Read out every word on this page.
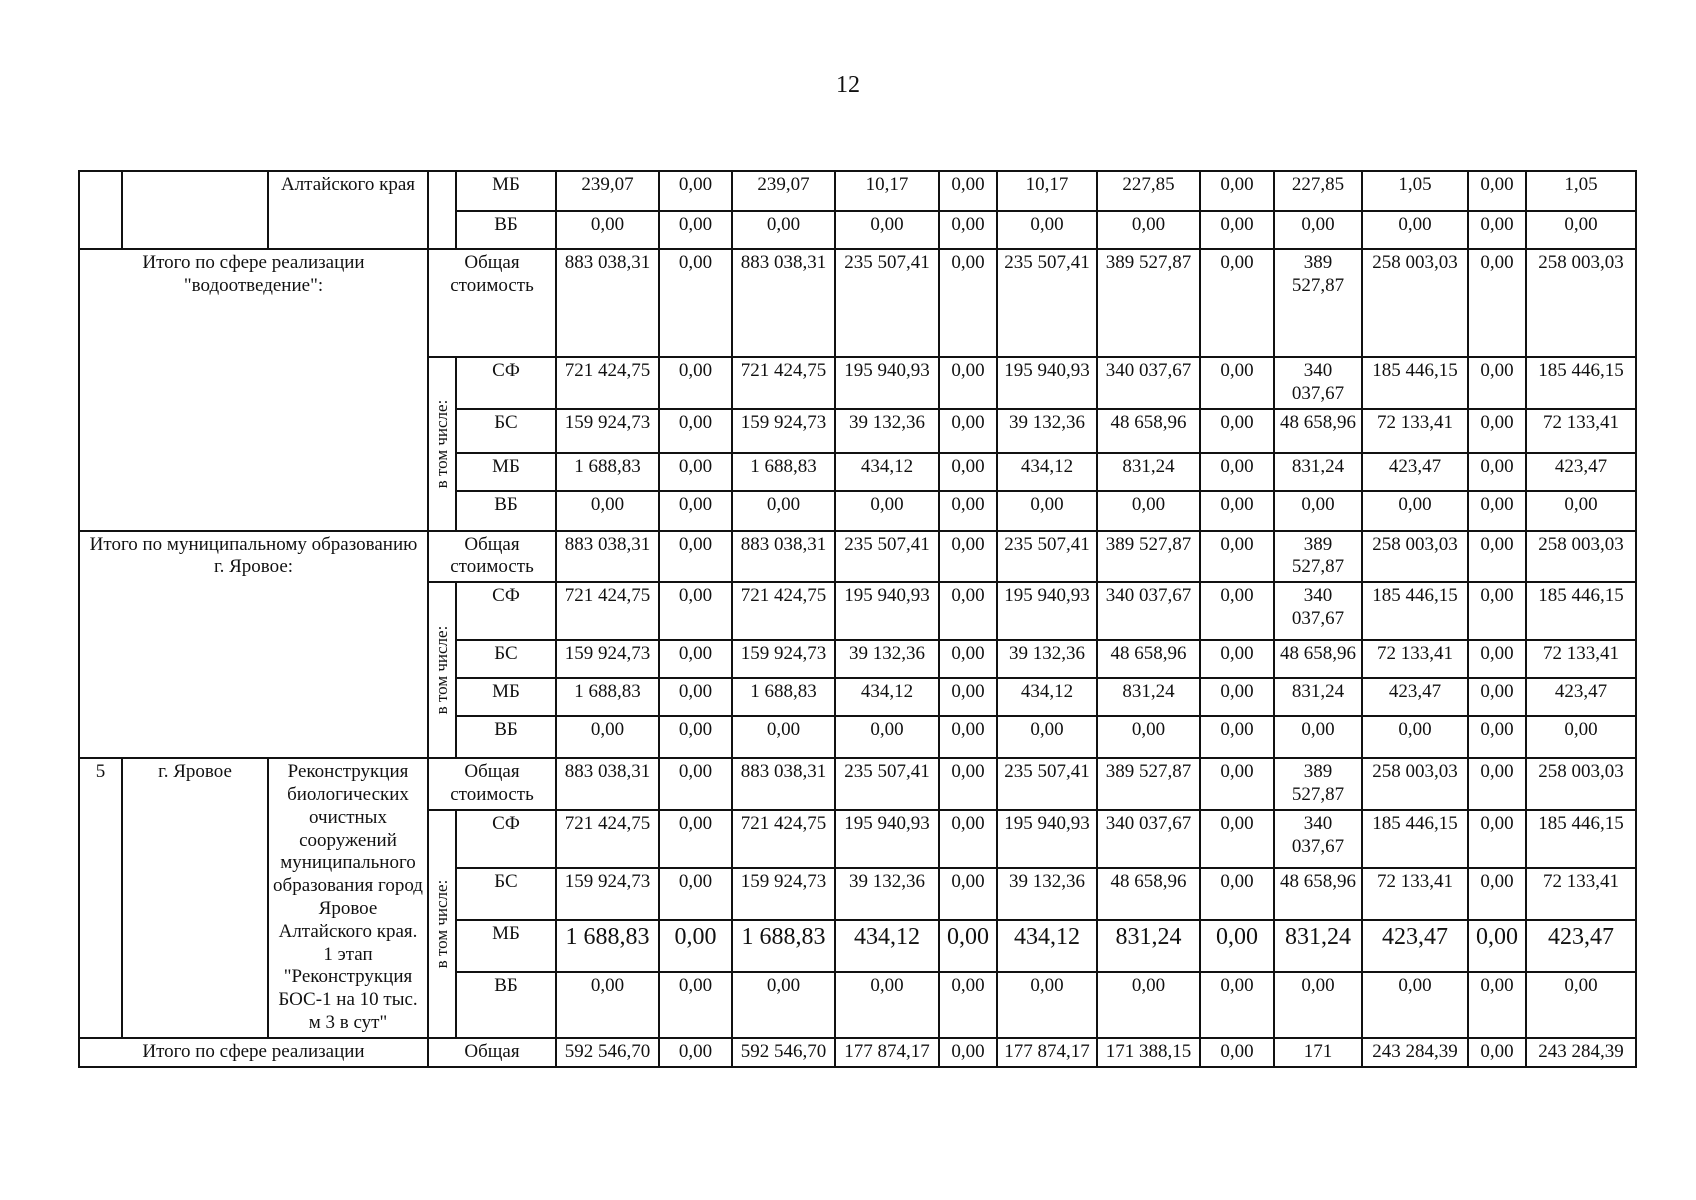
12
		Алтайского края		МБ	239,07	0,00	239,07	10,17	0,00	10,17	227,85	0,00	227,85	1,05	0,00	1,05
				ВБ	0,00	0,00	0,00	0,00	0,00	0,00	0,00	0,00	0,00	0,00	0,00	0,00
Итого по сфере реализации "водоотведение":			Общая стоимость		883 038,31	0,00	883 038,31	235 507,41	0,00	235 507,41	389 527,87	0,00	389 527,87	258 003,03	0,00	258 003,03

			в том числе:	СФ	721 424,75	0,00	721 424,75	195 940,93	0,00	195 940,93	340 037,67	0,00	340 037,67	185 446,15	0,00	185 446,15
				БС	159 924,73	0,00	159 924,73	39 132,36	0,00	39 132,36	48 658,96	0,00	48 658,96	72 133,41	0,00	72 133,41
				МБ	1 688,83	0,00	1 688,83	434,12	0,00	434,12	831,24	0,00	831,24	423,47	0,00	423,47
				ВБ	0,00	0,00	0,00	0,00	0,00	0,00	0,00	0,00	0,00	0,00	0,00	0,00
Итого по муниципальному образованию г. Яровое:			Общая стоимость		883 038,31	0,00	883 038,31	235 507,41	0,00	235 507,41	389 527,87	0,00	389 527,87	258 003,03	0,00	258 003,03

			в том числе:	СФ	721 424,75	0,00	721 424,75	195 940,93	0,00	195 940,93	340 037,67	0,00	340 037,67	185 446,15	0,00	185 446,15
				БС	159 924,73	0,00	159 924,73	39 132,36	0,00	39 132,36	48 658,96	0,00	48 658,96	72 133,41	0,00	72 133,41
				МБ	1 688,83	0,00	1 688,83	434,12	0,00	434,12	831,24	0,00	831,24	423,47	0,00	423,47
				ВБ	0,00	0,00	0,00	0,00	0,00	0,00	0,00	0,00	0,00	0,00	0,00	0,00
5	г. Яровое	Реконструкция биологических очистных сооружений муниципального образования город Яровое Алтайского края. 1 этап "Реконструкция БОС-1 на 10 тыс. м 3 в сут"	Общая стоимость		883 038,31	0,00	883 038,31	235 507,41	0,00	235 507,41	389 527,87	0,00	389 527,87	258 003,03	0,00	258 003,03

			в том числе:	СФ	721 424,75	0,00	721 424,75	195 940,93	0,00	195 940,93	340 037,67	0,00	340 037,67	185 446,15	0,00	185 446,15
				БС	159 924,73	0,00	159 924,73	39 132,36	0,00	39 132,36	48 658,96	0,00	48 658,96	72 133,41	0,00	72 133,41
				МБ	1 688,83	0,00	1 688,83	434,12	0,00	434,12	831,24	0,00	831,24	423,47	0,00	423,47
				ВБ	0,00	0,00	0,00	0,00	0,00	0,00	0,00	0,00	0,00	0,00	0,00	0,00
Итого по сфере реализации			Общая		592 546,70	0,00	592 546,70	177 874,17	0,00	177 874,17	171 388,15	0,00	171	243 284,39	0,00	243 284,39
